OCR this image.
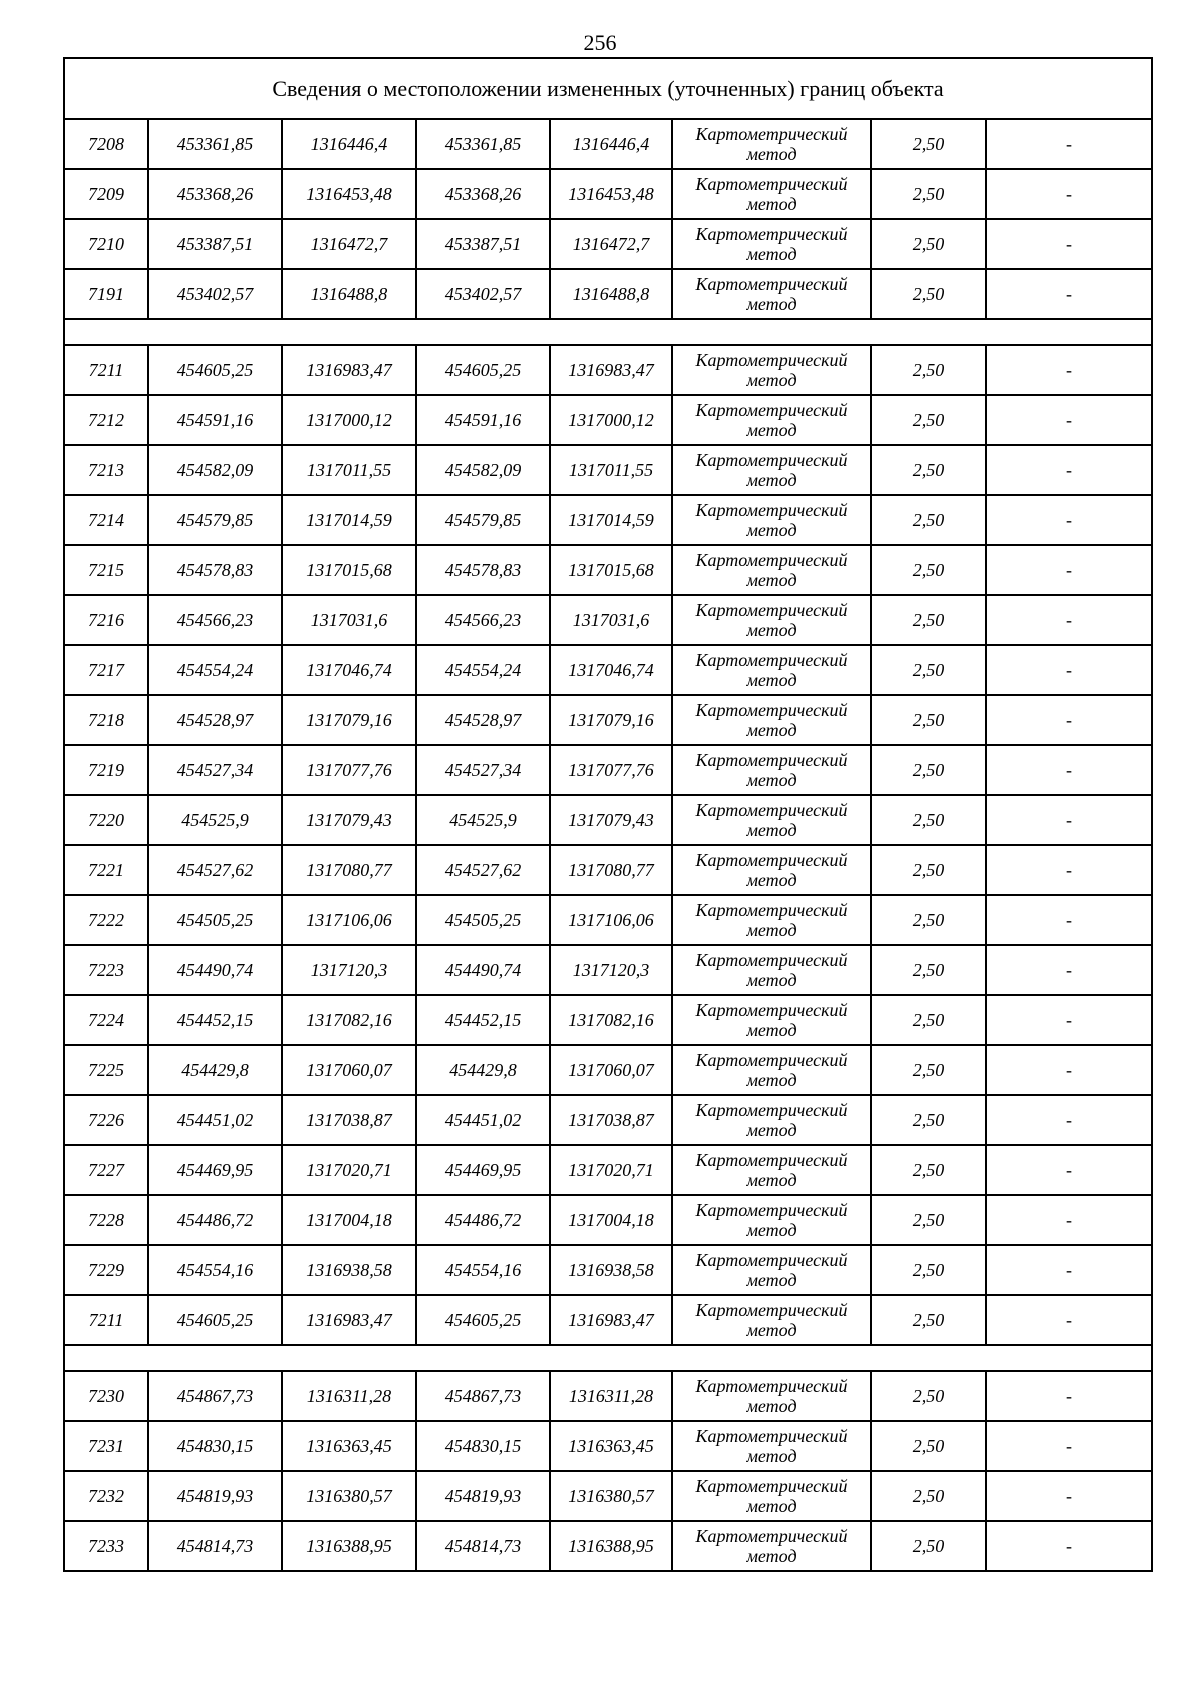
256
Сведения о местоположении измененных (уточненных) границ объекта							
7208	453361,85	1316446,4	453361,85	1316446,4	Картометрический метод	2,50	-
7209	453368,26	1316453,48	453368,26	1316453,48	Картометрический метод	2,50	-
7210	453387,51	1316472,7	453387,51	1316472,7	Картометрический метод	2,50	-
7191	453402,57	1316488,8	453402,57	1316488,8	Картометрический метод	2,50	-

7211	454605,25	1316983,47	454605,25	1316983,47	Картометрический метод	2,50	-
7212	454591,16	1317000,12	454591,16	1317000,12	Картометрический метод	2,50	-
7213	454582,09	1317011,55	454582,09	1317011,55	Картометрический метод	2,50	-
7214	454579,85	1317014,59	454579,85	1317014,59	Картометрический метод	2,50	-
7215	454578,83	1317015,68	454578,83	1317015,68	Картометрический метод	2,50	-
7216	454566,23	1317031,6	454566,23	1317031,6	Картометрический метод	2,50	-
7217	454554,24	1317046,74	454554,24	1317046,74	Картометрический метод	2,50	-
7218	454528,97	1317079,16	454528,97	1317079,16	Картометрический метод	2,50	-
7219	454527,34	1317077,76	454527,34	1317077,76	Картометрический метод	2,50	-
7220	454525,9	1317079,43	454525,9	1317079,43	Картометрический метод	2,50	-
7221	454527,62	1317080,77	454527,62	1317080,77	Картометрический метод	2,50	-
7222	454505,25	1317106,06	454505,25	1317106,06	Картометрический метод	2,50	-
7223	454490,74	1317120,3	454490,74	1317120,3	Картометрический метод	2,50	-
7224	454452,15	1317082,16	454452,15	1317082,16	Картометрический метод	2,50	-
7225	454429,8	1317060,07	454429,8	1317060,07	Картометрический метод	2,50	-
7226	454451,02	1317038,87	454451,02	1317038,87	Картометрический метод	2,50	-
7227	454469,95	1317020,71	454469,95	1317020,71	Картометрический метод	2,50	-
7228	454486,72	1317004,18	454486,72	1317004,18	Картометрический метод	2,50	-
7229	454554,16	1316938,58	454554,16	1316938,58	Картометрический метод	2,50	-
7211	454605,25	1316983,47	454605,25	1316983,47	Картометрический метод	2,50	-

7230	454867,73	1316311,28	454867,73	1316311,28	Картометрический метод	2,50	-
7231	454830,15	1316363,45	454830,15	1316363,45	Картометрический метод	2,50	-
7232	454819,93	1316380,57	454819,93	1316380,57	Картометрический метод	2,50	-
7233	454814,73	1316388,95	454814,73	1316388,95	Картометрический метод	2,50	-
